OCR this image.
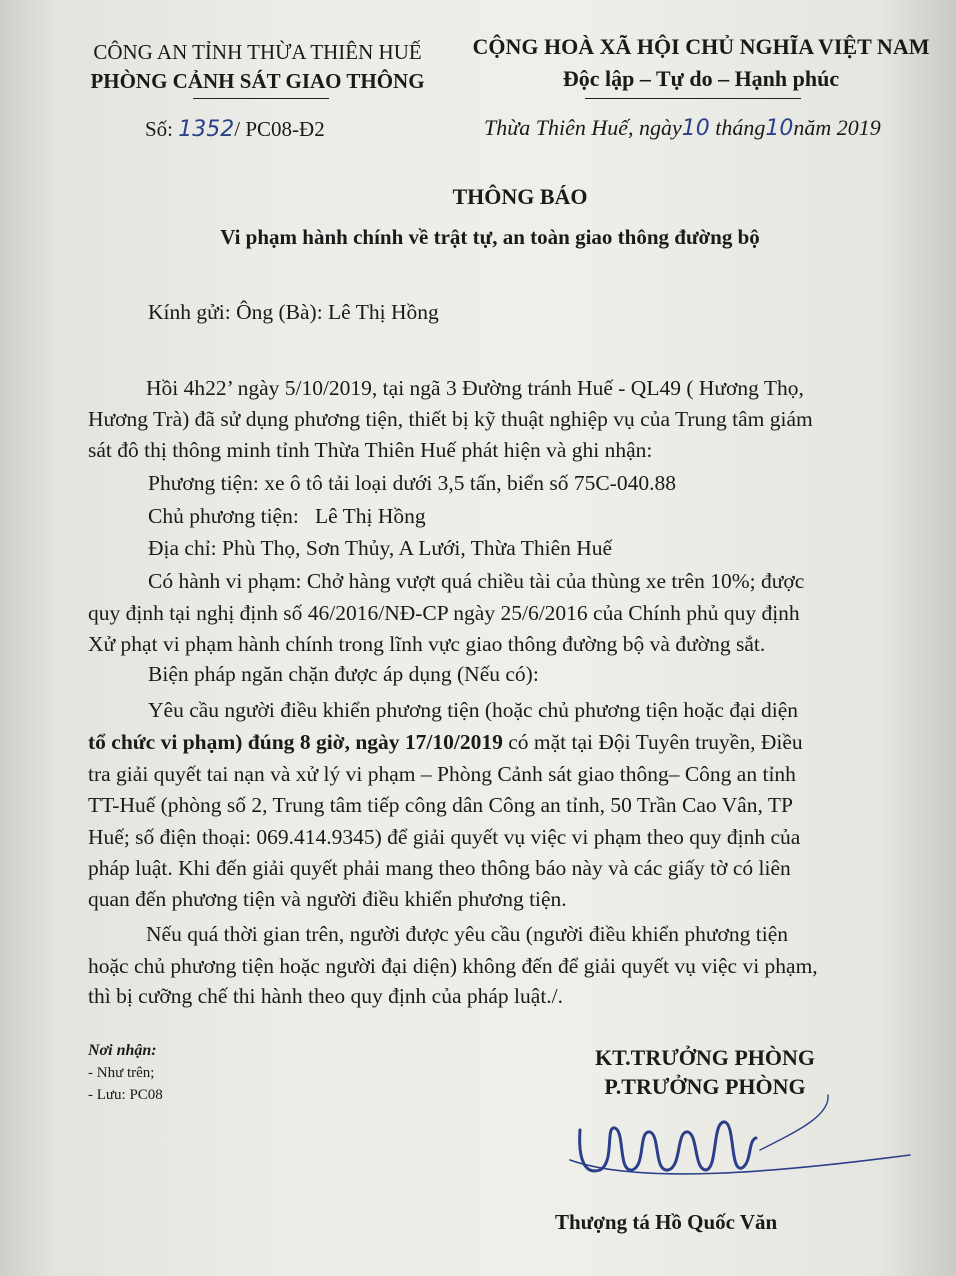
CÔNG AN TỈNH THỪA THIÊN HUẾ
PHÒNG CẢNH SÁT GIAO THÔNG
CỘNG HOÀ XÃ HỘI CHỦ NGHĨA VIỆT NAM
Độc lập – Tự do – Hạnh phúc
Số: 1352/ PC08-Đ2	Thừa Thiên Huế, ngày10 tháng10năm 2019
THÔNG BÁO
Vi phạm hành chính về trật tự, an toàn giao thông đường bộ
Kính gửi: Ông (Bà): Lê Thị Hồng
Hồi 4h22’ ngày 5/10/2019, tại ngã 3 Đường tránh Huế - QL49 ( Hương Thọ,
Hương Trà) đã sử dụng phương tiện, thiết bị kỹ thuật nghiệp vụ của Trung tâm giám
sát đô thị thông minh tỉnh Thừa Thiên Huế phát hiện và ghi nhận:
Phương tiện: xe ô tô tải loại dưới 3,5 tấn, biển số 75C-040.88
Chủ phương tiện:   Lê Thị Hồng
Địa chỉ: Phù Thọ, Sơn Thủy, A Lưới, Thừa Thiên Huế
Có hành vi phạm: Chở hàng vượt quá chiều tài của thùng xe trên 10%; được
quy định tại nghị định số 46/2016/NĐ-CP ngày 25/6/2016 của Chính phủ quy định
Xử phạt vi phạm hành chính trong lĩnh vực giao thông đường bộ và đường sắt.
Biện pháp ngăn chặn được áp dụng (Nếu có):
Yêu cầu người điều khiển phương tiện (hoặc chủ phương tiện hoặc đại diện
tổ chức vi phạm) đúng 8 giờ, ngày 17/10/2019 có mặt tại Đội Tuyên truyền, Điều
tra giải quyết tai nạn và xử lý vi phạm – Phòng Cảnh sát giao thông– Công an tỉnh
TT-Huế (phòng số 2, Trung tâm tiếp công dân Công an tỉnh, 50 Trần Cao Vân, TP
Huế; số điện thoại: 069.414.9345) để giải quyết vụ việc vi phạm theo quy định của
pháp luật. Khi đến giải quyết phải mang theo thông báo này và các giấy tờ có liên
quan đến phương tiện và người điều khiển phương tiện.
Nếu quá thời gian trên, người được yêu cầu (người điều khiển phương tiện
hoặc chủ phương tiện hoặc người đại diện) không đến để giải quyết vụ việc vi phạm,
thì bị cưỡng chế thi hành theo quy định của pháp luật./.
Nơi nhận:
- Như trên;
- Lưu: PC08
KT.TRƯỞNG PHÒNG
P.TRƯỞNG PHÒNG
Thượng tá Hồ Quốc Văn
